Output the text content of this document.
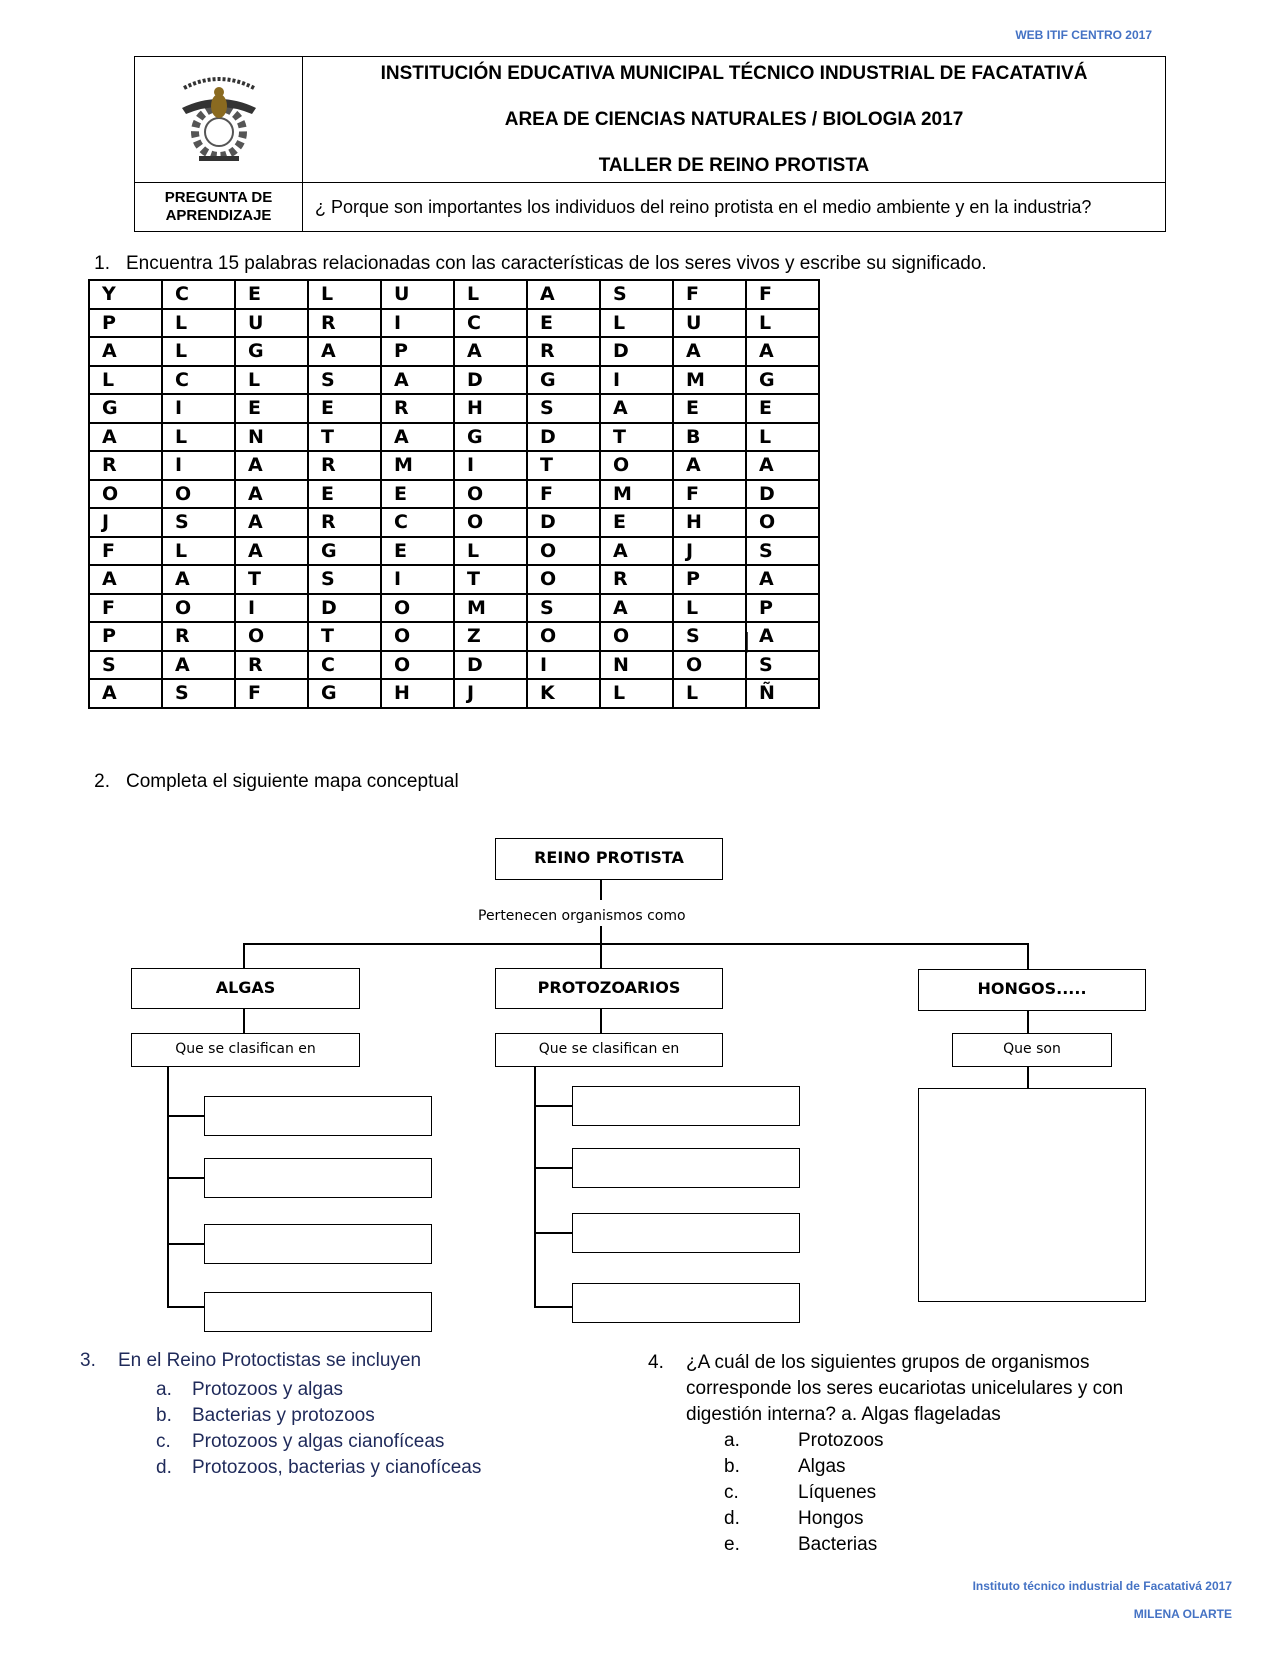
WEB ITIF CENTRO 2017

INSTITUCIÓN EDUCATIVA MUNICIPAL TÉCNICO INDUSTRIAL DE FACATATIVÁ
AREA DE CIENCIAS NATURALES / BIOLOGIA 2017
TALLER DE REINO PROTISTA

PREGUNTA DE
APRENDIZAJE	¿ Porque son importantes los individuos del reino protista en el medio ambiente y en la industria?
1. Encuentra 15 palabras relacionadas con las características de los seres vivos y escribe su significado.
Y	C	E	L	U	L	A	S	F	F
P	L	U	R	I	C	E	L	U	L
A	L	G	A	P	A	R	D	A	A
L	C	L	S	A	D	G	I	M	G
G	I	E	E	R	H	S	A	E	E
A	L	N	T	A	G	D	T	B	L
R	I	A	R	M	I	T	O	A	A
O	O	A	E	E	O	F	M	F	D
J	S	A	R	C	O	D	E	H	O
F	L	A	G	E	L	O	A	J	S
A	A	T	S	I	T	O	R	P	A
F	O	I	D	O	M	S	A	L	P
P	R	O	T	O	Z	O	O	S	A
S	A	R	C	O	D	I	N	O	S
A	S	F	G	H	J	K	L	L	Ñ
|
2. Completa el siguiente mapa conceptual
REINO PROTISTA
Pertenecen organismos como
ALGAS	PROTOZOARIOS	HONGOS.....
Que se clasifican en	Que se clasifican en	Que son
3. En el Reino Protoctistas se incluyen
a. Protozoos y algas
b. Bacterias y protozoos
c. Protozoos y algas cianofíceas
d. Protozoos, bacterias y cianofíceas
4. ¿A cuál de los siguientes grupos de organismos
corresponde los seres eucariotas unicelulares y con
digestión interna? a. Algas flageladas
a.	Protozoos
b.	Algas
c.	Líquenes
d.	Hongos
e.	Bacterias
Instituto técnico industrial de Facatativá 2017
MILENA OLARTE
